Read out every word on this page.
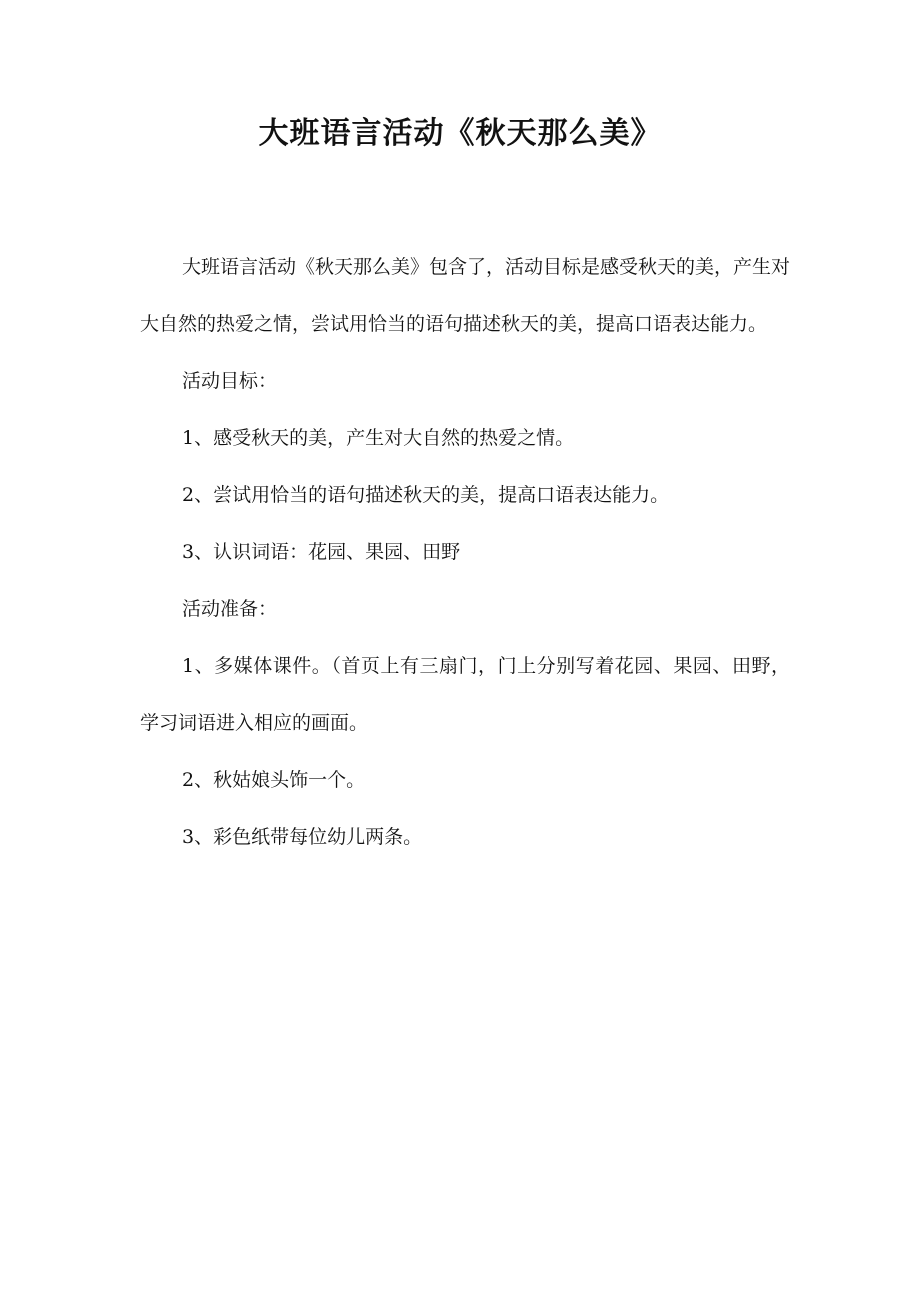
大班语言活动《秋天那么美》

大班语言活动《秋天那么美》包含了，活动目标是感受秋天的美，产生对大自然的热爱之情，尝试用恰当的语句描述秋天的美，提高口语表达能力。

活动目标：

1、感受秋天的美，产生对大自然的热爱之情。

2、尝试用恰当的语句描述秋天的美，提高口语表达能力。

3、认识词语：花园、果园、田野

活动准备：

1、多媒体课件。（首页上有三扇门，门上分别写着花园、果园、田野，学习词语进入相应的画面。

2、秋姑娘头饰一个。

3、彩色纸带每位幼儿两条。
